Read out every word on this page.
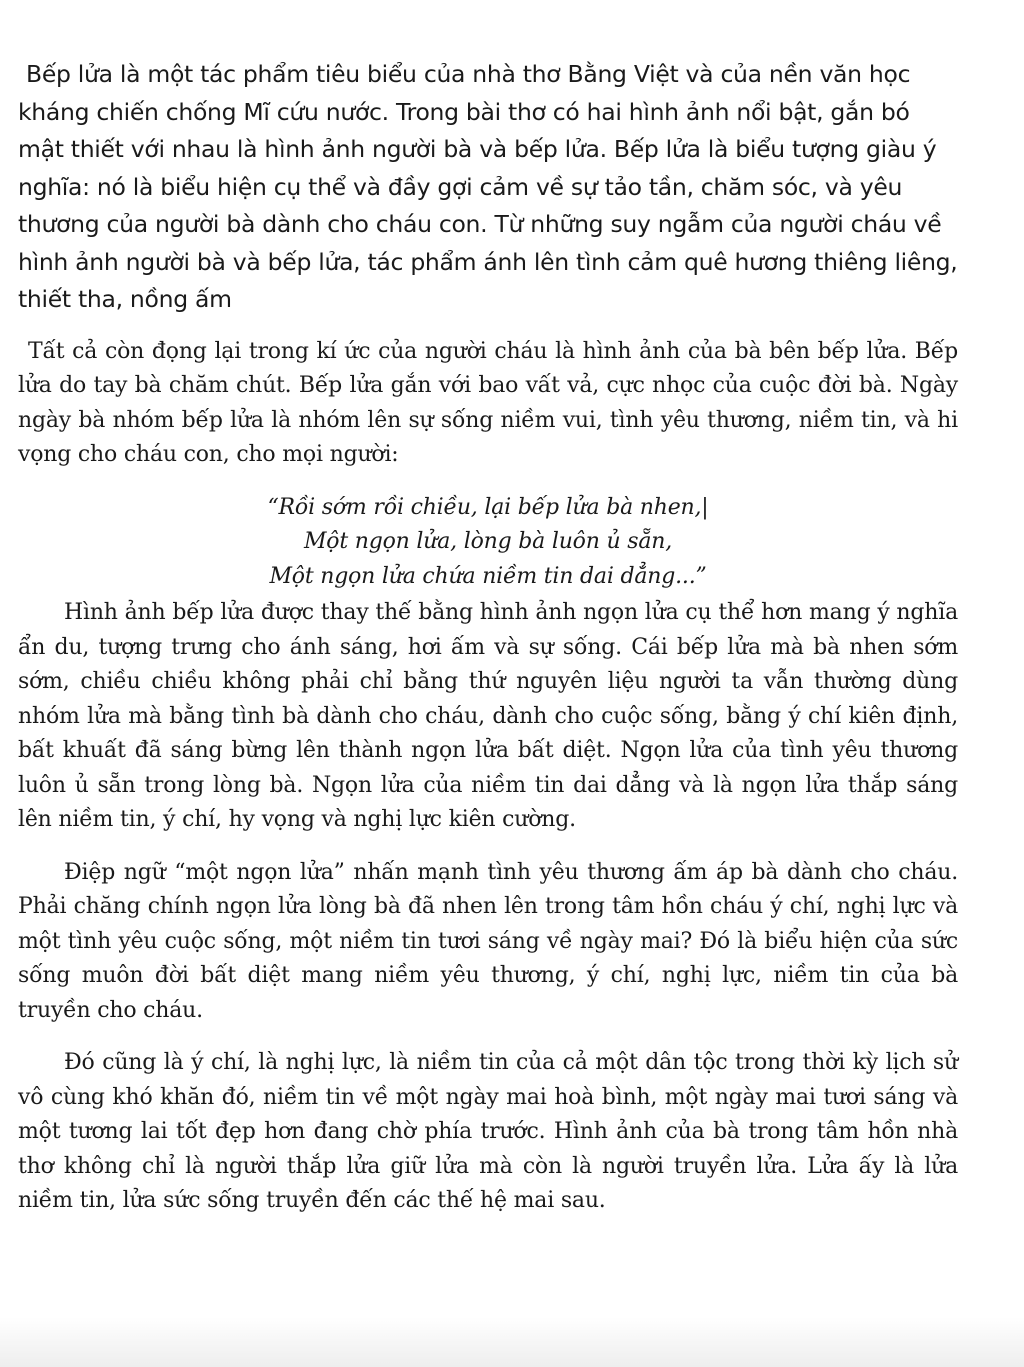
Bếp lửa là một tác phẩm tiêu biểu của nhà thơ Bằng Việt và của nền văn học kháng chiến chống Mĩ cứu nước. Trong bài thơ có hai hình ảnh nổi bật, gắn bó mật thiết với nhau là hình ảnh người bà và bếp lửa. Bếp lửa là biểu tượng giàu ý nghĩa: nó là biểu hiện cụ thể và đầy gợi cảm về sự tảo tần, chăm sóc, và yêu thương của người bà dành cho cháu con. Từ những suy ngẫm của người cháu về hình ảnh người bà và bếp lửa, tác phẩm ánh lên tình cảm quê hương thiêng liêng, thiết tha, nồng ấm

Tất cả còn đọng lại trong kí ức của người cháu là hình ảnh của bà bên bếp lửa. Bếp lửa do tay bà chăm chút. Bếp lửa gắn với bao vất vả, cực nhọc của cuộc đời bà. Ngày ngày bà nhóm bếp lửa là nhóm lên sự sống niềm vui, tình yêu thương, niềm tin, và hi vọng cho cháu con, cho mọi người:

“Rồi sớm rồi chiều, lại bếp lửa bà nhen,|
Một ngọn lửa, lòng bà luôn ủ sẵn,
Một ngọn lửa chứa niềm tin dai dẳng...”

Hình ảnh bếp lửa được thay thế bằng hình ảnh ngọn lửa cụ thể hơn mang ý nghĩa ẩn du, tượng trưng cho ánh sáng, hơi ấm và sự sống. Cái bếp lửa mà bà nhen sớm sớm, chiều chiều không phải chỉ bằng thứ nguyên liệu người ta vẫn thường dùng nhóm lửa mà bằng tình bà dành cho cháu, dành cho cuộc sống, bằng ý chí kiên định, bất khuất đã sáng bừng lên thành ngọn lửa bất diệt. Ngọn lửa của tình yêu thương luôn ủ sẵn trong lòng bà. Ngọn lửa của niềm tin dai dẳng và là ngọn lửa thắp sáng lên niềm tin, ý chí, hy vọng và nghị lực kiên cường.

Điệp ngữ “một ngọn lửa” nhấn mạnh tình yêu thương ấm áp bà dành cho cháu. Phải chăng chính ngọn lửa lòng bà đã nhen lên trong tâm hồn cháu ý chí, nghị lực và một tình yêu cuộc sống, một niềm tin tươi sáng về ngày mai? Đó là biểu hiện của sức sống muôn đời bất diệt mang niềm yêu thương, ý chí, nghị lực, niềm tin của bà truyền cho cháu.

Đó cũng là ý chí, là nghị lực, là niềm tin của cả một dân tộc trong thời kỳ lịch sử vô cùng khó khăn đó, niềm tin về một ngày mai hoà bình, một ngày mai tươi sáng và một tương lai tốt đẹp hơn đang chờ phía trước. Hình ảnh của bà trong tâm hồn nhà thơ không chỉ là người thắp lửa giữ lửa mà còn là người truyền lửa. Lửa ấy là lửa niềm tin, lửa sức sống truyền đến các thế hệ mai sau.
